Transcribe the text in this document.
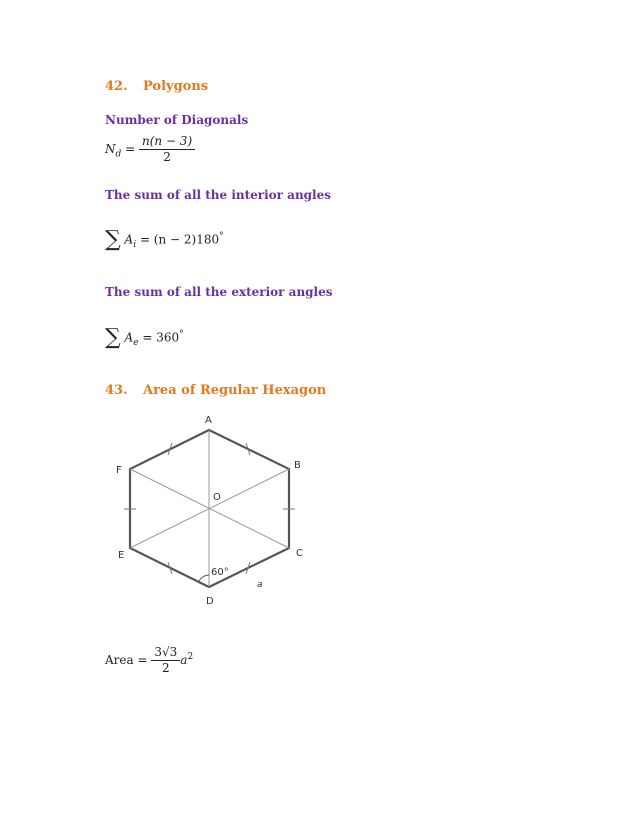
42. Polygons
Number of Diagonals
$N_d = \frac{n(n - 3)}{2}$
The sum of all the interior angles
∑ $A_i = (n - 2)180^\circ$
The sum of all the exterior angles
∑ $A_e = 360^\circ$
43. Area of Regular Hexagon
A
B
C
D
E
F
O
60°
a
Area = $\frac{3√3}{2} a^2$
